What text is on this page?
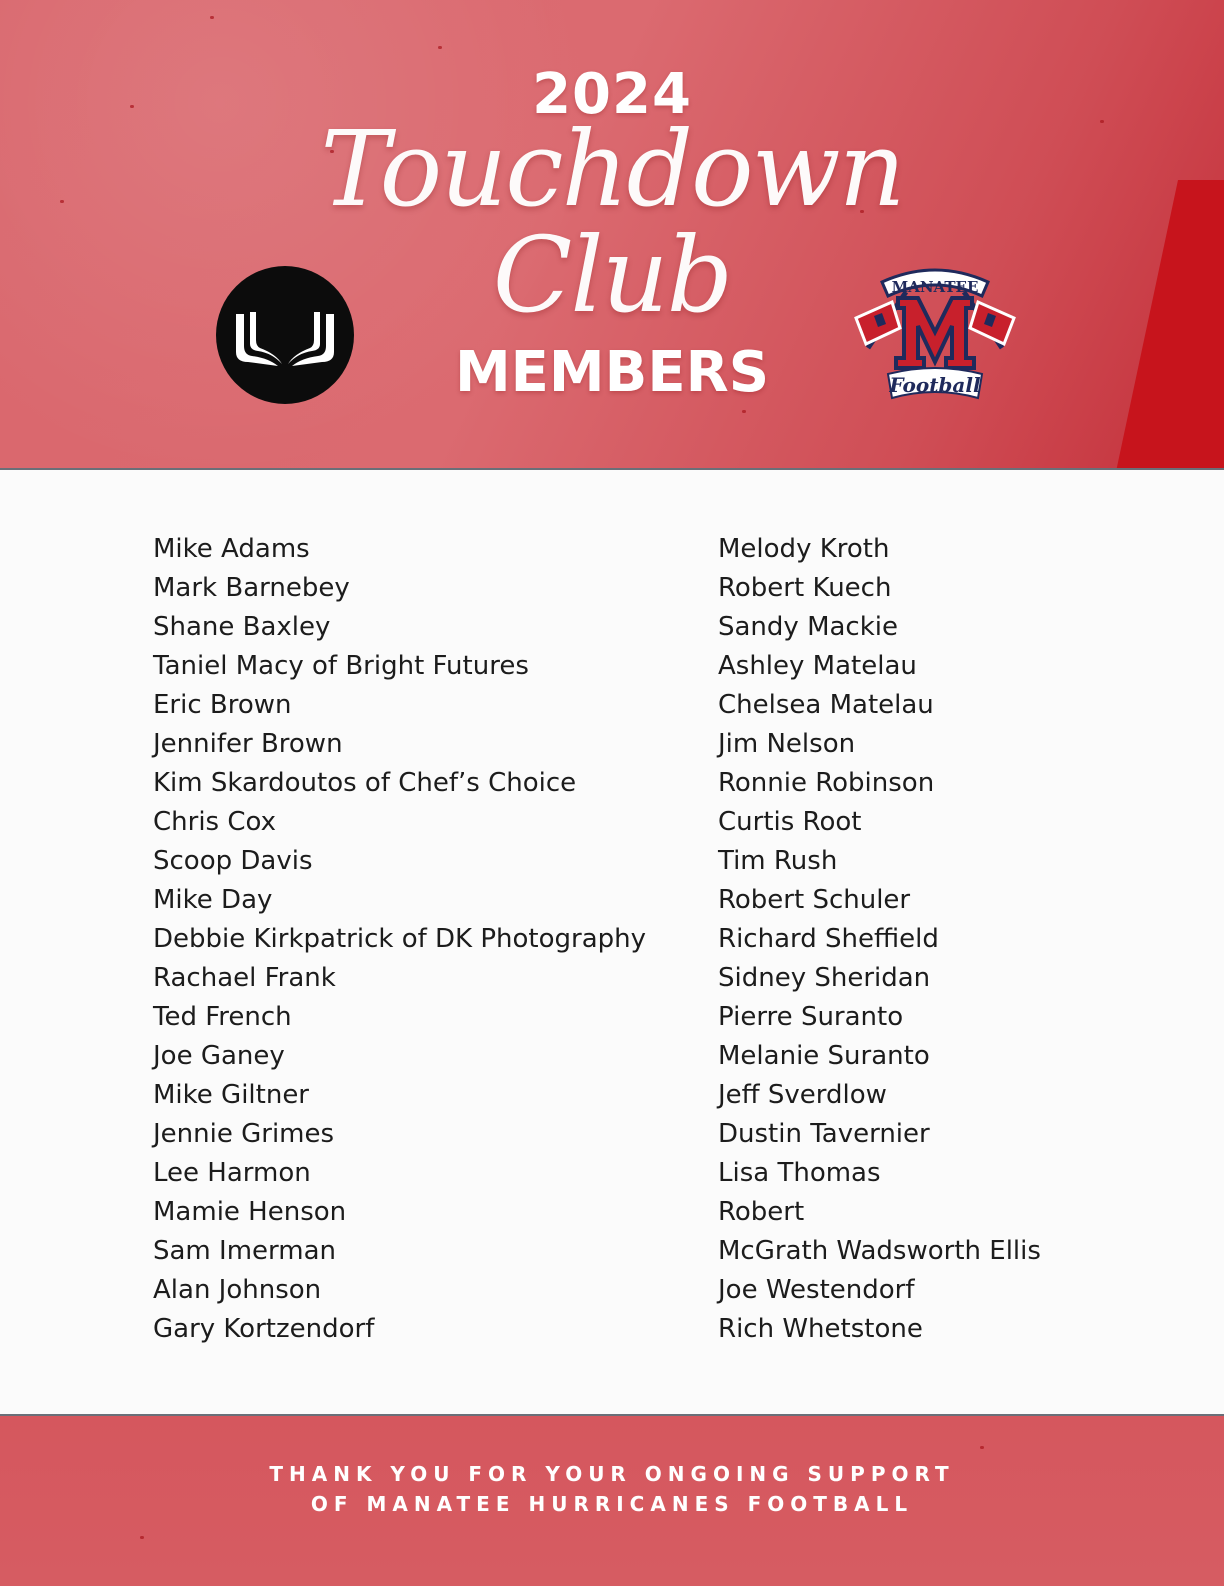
2024
Touchdown
Club
MEMBERS
MANATEE
Football
Mike Adams
Mark Barnebey
Shane Baxley
Taniel Macy of Bright Futures
Eric Brown
Jennifer Brown
Kim Skardoutos of Chef’s Choice
Chris Cox
Scoop Davis
Mike Day
Debbie Kirkpatrick of DK Photography
Rachael Frank
Ted French
Joe Ganey
Mike Giltner
Jennie Grimes
Lee Harmon
Mamie Henson
Sam Imerman
Alan Johnson
Gary Kortzendorf
Melody Kroth
Robert Kuech
Sandy Mackie
Ashley Matelau
Chelsea Matelau
Jim Nelson
Ronnie Robinson
Curtis Root
Tim Rush
Robert Schuler
Richard Sheffield
Sidney Sheridan
Pierre Suranto
Melanie Suranto
Jeff Sverdlow
Dustin Tavernier
Lisa Thomas
Robert
McGrath Wadsworth Ellis
Joe Westendorf
Rich Whetstone
THANK YOU FOR YOUR ONGOING SUPPORT
OF MANATEE HURRICANES FOOTBALL
